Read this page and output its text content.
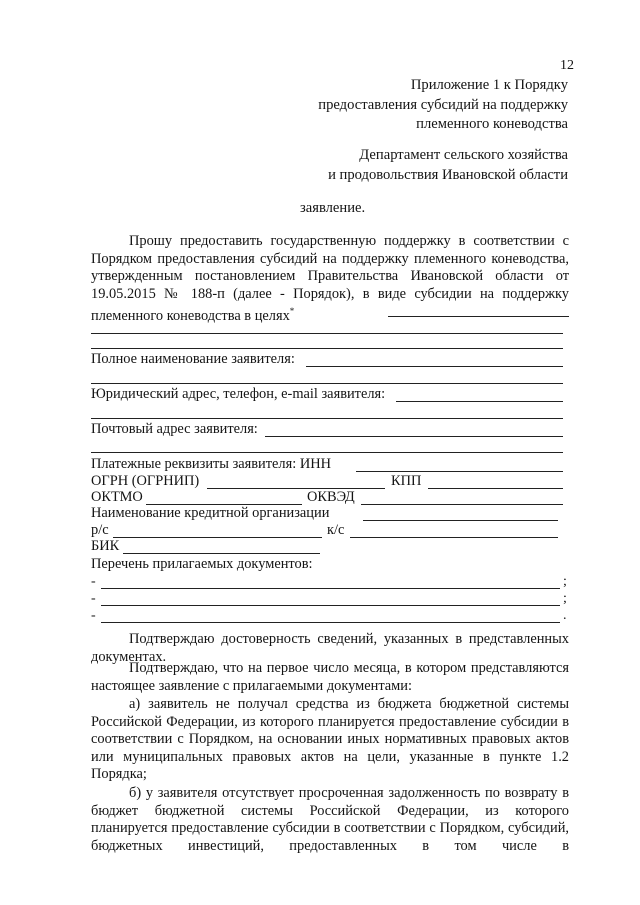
12
Приложение 1 к Порядку
предоставления субсидий на поддержку
племенного коневодства
Департамент сельского хозяйства
и продовольствия Ивановской области
заявление.
Прошу предоставить государственную поддержку в соответствии с Порядком предоставления субсидий на поддержку племенного коневодства, утвержденным постановлением Правительства Ивановской области от 19.05.2015 № 188-п (далее - Порядок), в виде субсидии на поддержку племенного коневодства в целях*
Полное наименование заявителя:
Юридический адрес, телефон, e-mail заявителя:
Почтовый адрес заявителя:
Платежные реквизиты заявителя: ИНН
ОГРН (ОГРНИП)	КПП
ОКТМО	ОКВЭД
Наименование кредитной организации
р/с	к/с
БИК
Перечень прилагаемых документов:
-	;
-	;
-	.
Подтверждаю достоверность сведений, указанных в представленных документах.
Подтверждаю, что на первое число месяца, в котором представляются настоящее заявление с прилагаемыми документами:
а) заявитель не получал средства из бюджета бюджетной системы Российской Федерации, из которого планируется предоставление субсидии в соответствии с Порядком, на основании иных нормативных правовых актов или муниципальных правовых актов на цели, указанные в пункте 1.2 Порядка;
б) у заявителя отсутствует просроченная задолженность по возврату в бюджет бюджетной системы Российской Федерации, из которого планируется предоставление субсидии в соответствии с Порядком, субсидий, бюджетных инвестиций, предоставленных в том числе в
